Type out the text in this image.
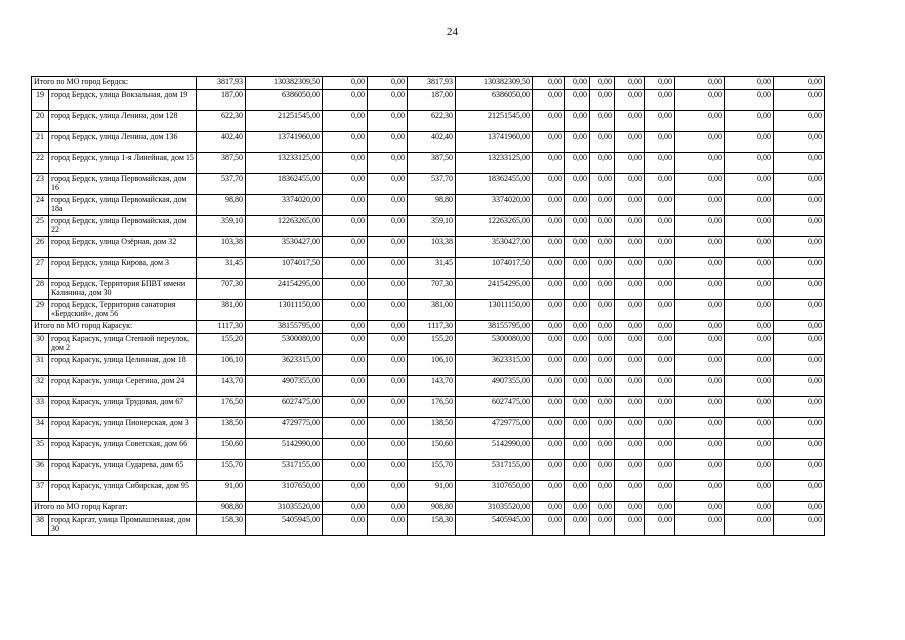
24
Итого по МО город Бердск:		3817,93	130382309,50	0,00	0,00	3817,93	130382309,50	0,00	0,00	0,00	0,00	0,00	0,00	0,00	0,00
19	город Бердск, улица Вокзальная, дом 19	187,00	6386050,00	0,00	0,00	187,00	6386050,00	0,00	0,00	0,00	0,00	0,00	0,00	0,00	0,00
20	город Бердск, улица Ленина, дом 128	622,30	21251545,00	0,00	0,00	622,30	21251545,00	0,00	0,00	0,00	0,00	0,00	0,00	0,00	0,00
21	город Бердск, улица Ленина, дом 136	402,40	13741960,00	0,00	0,00	402,40	13741960,00	0,00	0,00	0,00	0,00	0,00	0,00	0,00	0,00
22	город Бердск, улица 1-я Линейная, дом 15	387,50	13233125,00	0,00	0,00	387,50	13233125,00	0,00	0,00	0,00	0,00	0,00	0,00	0,00	0,00
23	город Бердск, улица Первомайская, дом 16	537,70	18362455,00	0,00	0,00	537,70	18362455,00	0,00	0,00	0,00	0,00	0,00	0,00	0,00	0,00
24	город Бердск, улица Первомайская, дом 18а	98,80	3374020,00	0,00	0,00	98,80	3374020,00	0,00	0,00	0,00	0,00	0,00	0,00	0,00	0,00
25	город Бердск, улица Первомайская, дом 22	359,10	12263265,00	0,00	0,00	359,10	12263265,00	0,00	0,00	0,00	0,00	0,00	0,00	0,00	0,00
26	город Бердск, улица Озёрная, дом 32	103,38	3530427,00	0,00	0,00	103,38	3530427,00	0,00	0,00	0,00	0,00	0,00	0,00	0,00	0,00
27	город Бердск, улица Кирова, дом 3	31,45	1074017,50	0,00	0,00	31,45	1074017,50	0,00	0,00	0,00	0,00	0,00	0,00	0,00	0,00
28	город Бердск, Территория БПВТ имени Калинина, дом 30	707,30	24154295,00	0,00	0,00	707,30	24154295,00	0,00	0,00	0,00	0,00	0,00	0,00	0,00	0,00
29	город Бердск, Территория санатория «Бердский», дом 56	381,00	13011150,00	0,00	0,00	381,00	13011150,00	0,00	0,00	0,00	0,00	0,00	0,00	0,00	0,00
Итого по МО город Карасук:		1117,30	38155795,00	0,00	0,00	1117,30	38155795,00	0,00	0,00	0,00	0,00	0,00	0,00	0,00	0,00
30	город Карасук, улица Степной переулок, дом 2	155,20	5300080,00	0,00	0,00	155,20	5300080,00	0,00	0,00	0,00	0,00	0,00	0,00	0,00	0,00
31	город Карасук, улица Целинная, дом 18	106,10	3623315,00	0,00	0,00	106,10	3623315,00	0,00	0,00	0,00	0,00	0,00	0,00	0,00	0,00
32	город Карасук, улица Серегина, дом 24	143,70	4907355,00	0,00	0,00	143,70	4907355,00	0,00	0,00	0,00	0,00	0,00	0,00	0,00	0,00
33	город Карасук, улица Трудовая, дом 67	176,50	6027475,00	0,00	0,00	176,50	6027475,00	0,00	0,00	0,00	0,00	0,00	0,00	0,00	0,00
34	город Карасук, улица Пионерская, дом 3	138,50	4729775,00	0,00	0,00	138,50	4729775,00	0,00	0,00	0,00	0,00	0,00	0,00	0,00	0,00
35	город Карасук, улица Советская, дом 66	150,60	5142990,00	0,00	0,00	150,60	5142990,00	0,00	0,00	0,00	0,00	0,00	0,00	0,00	0,00
36	город Карасук, улица Сударева, дом 65	155,70	5317155,00	0,00	0,00	155,70	5317155,00	0,00	0,00	0,00	0,00	0,00	0,00	0,00	0,00
37	город Карасук, улица Сибирская, дом 95	91,00	3107650,00	0,00	0,00	91,00	3107650,00	0,00	0,00	0,00	0,00	0,00	0,00	0,00	0,00
Итого по МО город Каргат:		908,80	31035520,00	0,00	0,00	908,80	31035520,00	0,00	0,00	0,00	0,00	0,00	0,00	0,00	0,00
38	город Каргат, улица Промышленная, дом 30	158,30	5405945,00	0,00	0,00	158,30	5405945,00	0,00	0,00	0,00	0,00	0,00	0,00	0,00	0,00
